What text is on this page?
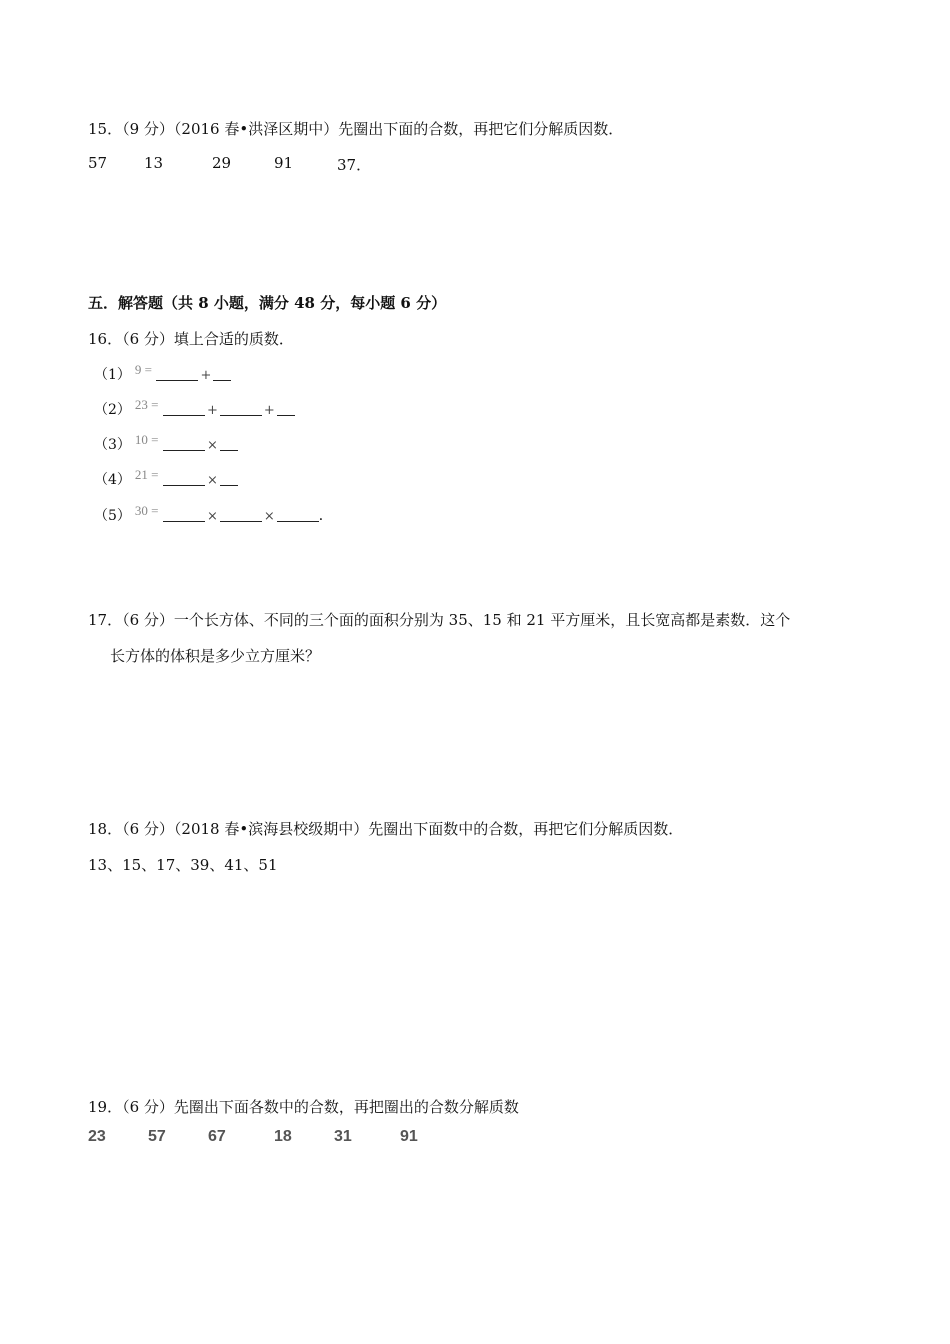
15．（9 分）（2016 春•洪泽区期中）先圈出下面的合数，再把它们分解质因数．
57 13	29	91	37．
五．解答题（共 8 小题，满分 48 分，每小题 6 分）
16．（6 分）填上合适的质数．
（1） 9 =	+
（2） 23 =	+	+
（3） 10 =	×
（4） 21 =	×
（5） 30 =	×	×	．
17．（6 分）一个长方体、不同的三个面的面积分别为 35、15 和 21 平方厘米，且长宽高都是素数．这个
长方体的体积是多少立方厘米？
18．（6 分）（2018 春•滨海县校级期中）先圈出下面数中的合数，再把它们分解质因数．
13、15、17、39、41、51
19．（6 分）先圈出下面各数中的合数，再把圈出的合数分解质数
23	57	67	18	31	91
